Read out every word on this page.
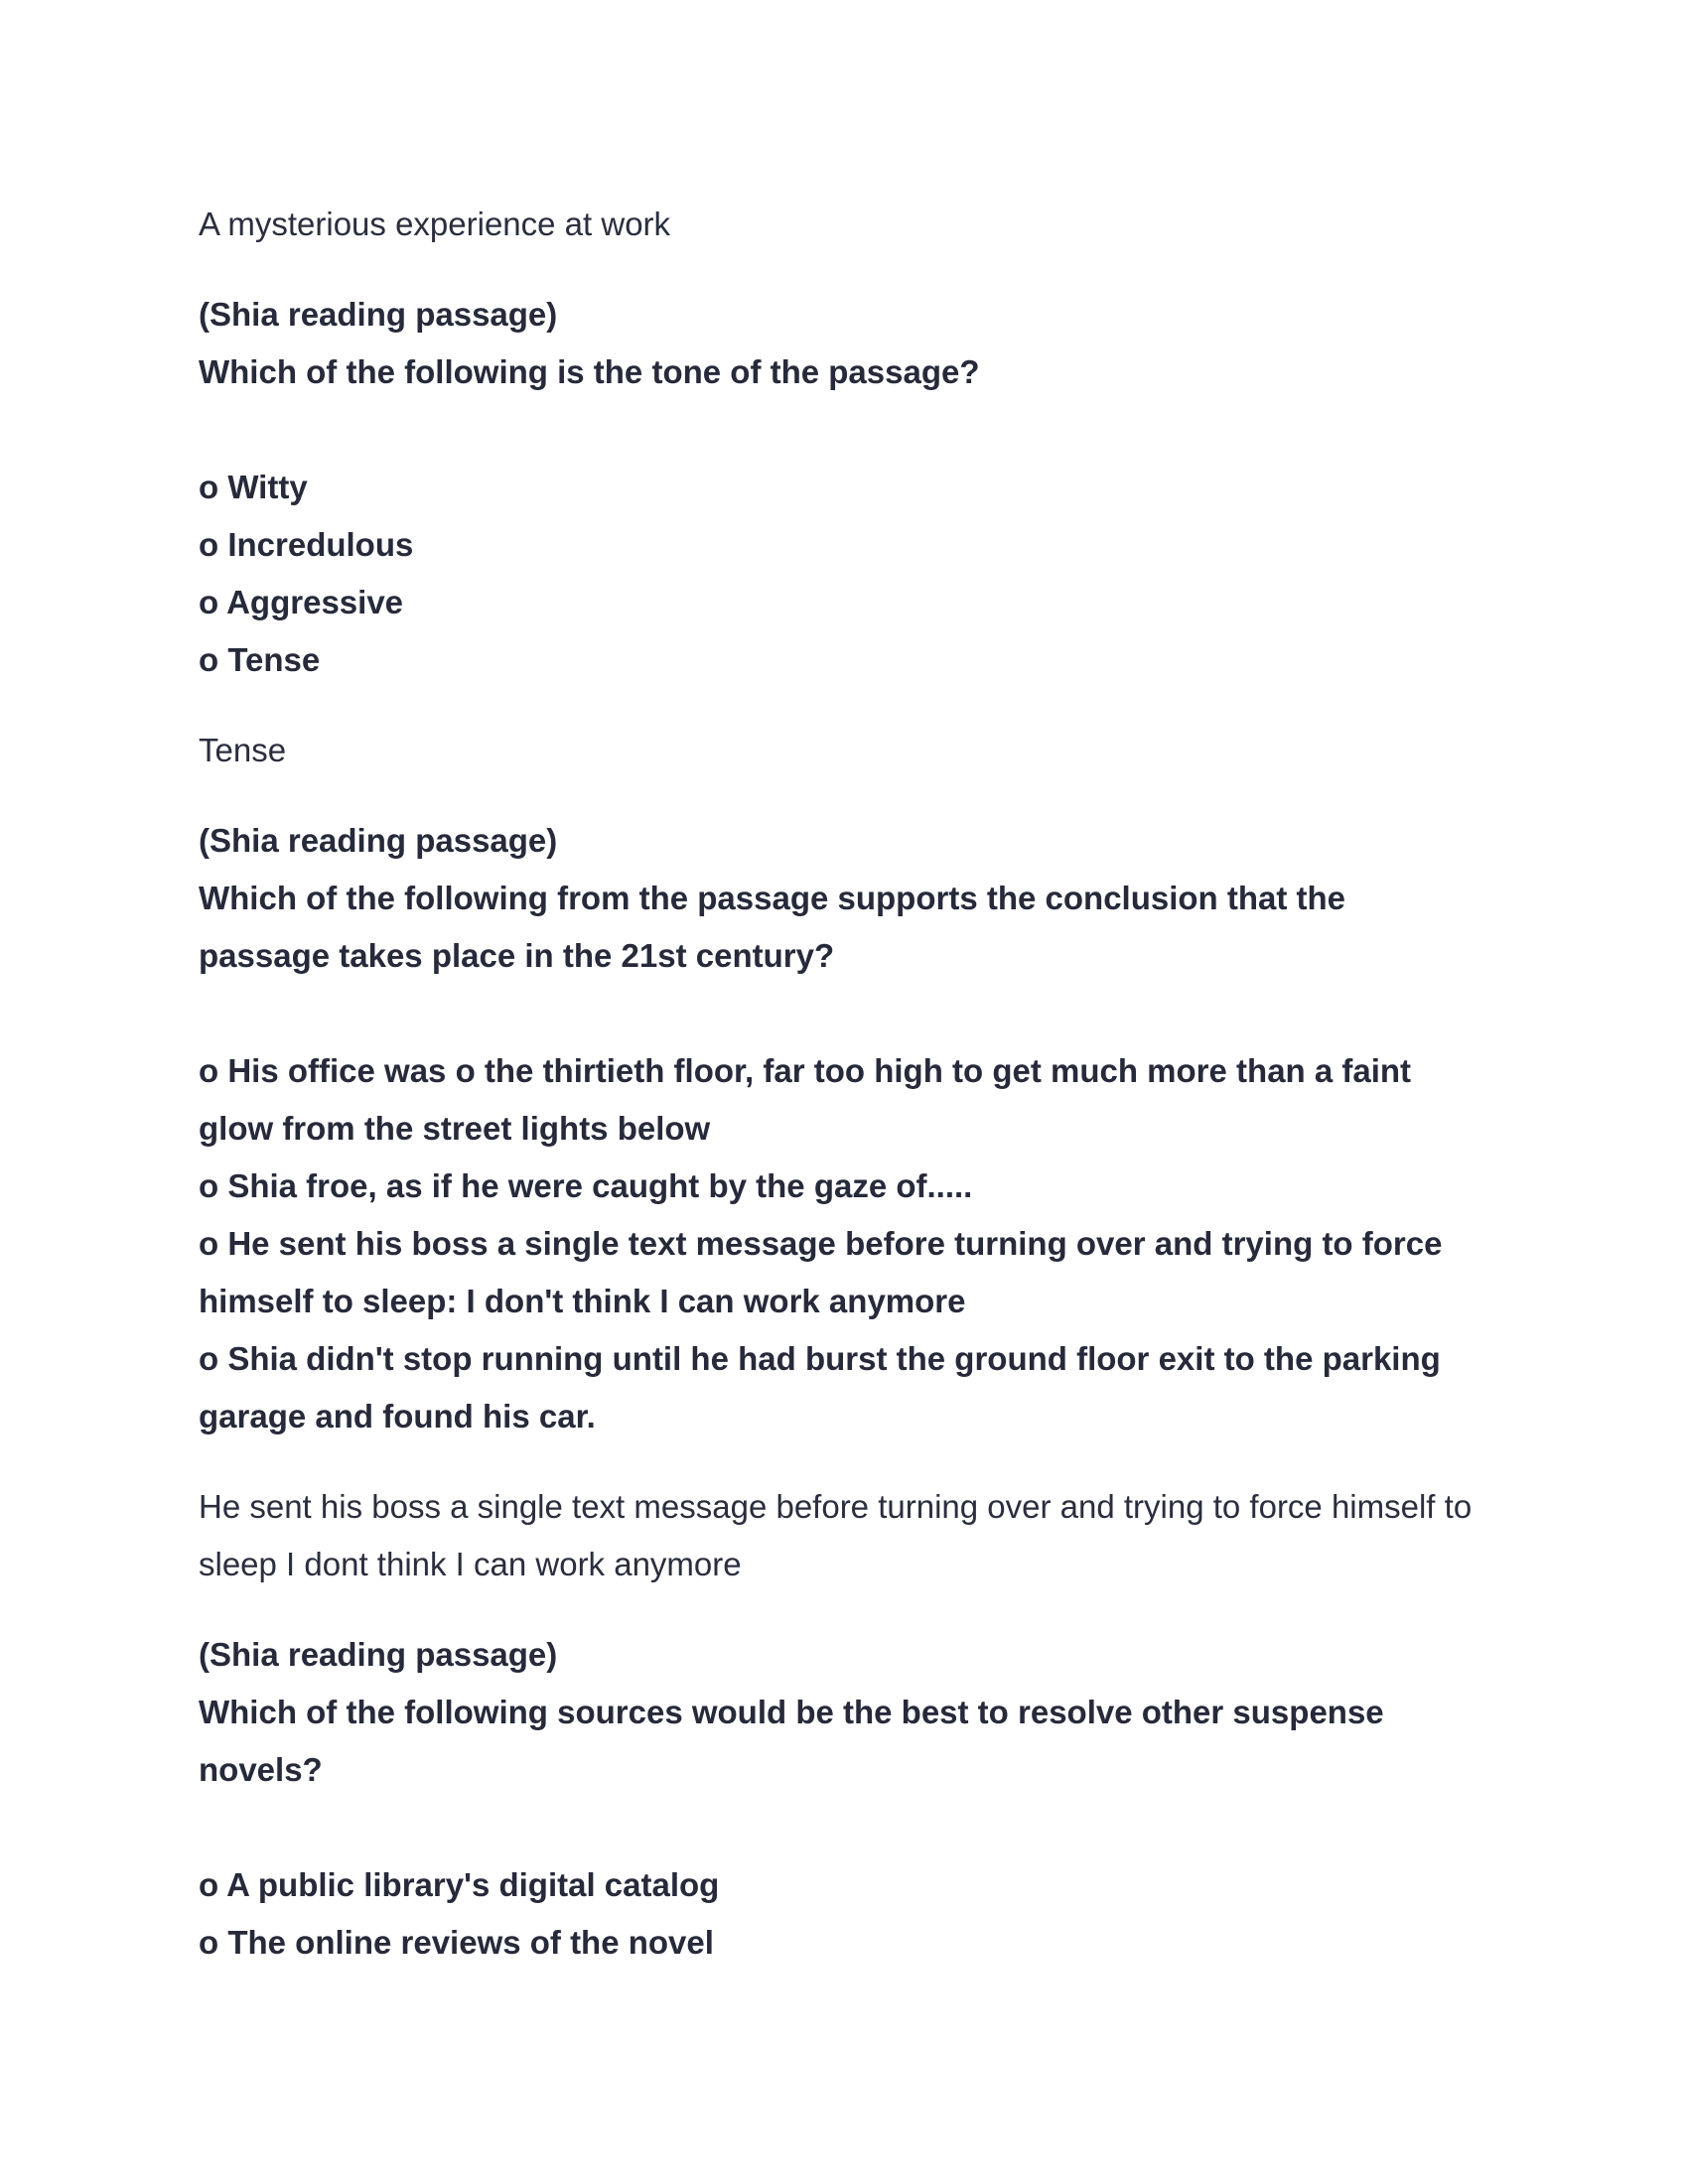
A mysterious experience at work

(Shia reading passage)

Which of the following is the tone of the passage?

o Witty

o Incredulous

o Aggressive

o Tense

Tense

(Shia reading passage)

Which of the following from the passage supports the conclusion that the

passage takes place in the 21st century?

o His office was o the thirtieth floor, far too high to get much more than a faint

glow from the street lights below

o Shia froe, as if he were caught by the gaze of.....

o He sent his boss a single text message before turning over and trying to force

himself to sleep: I don't think I can work anymore

o Shia didn't stop running until he had burst the ground floor exit to the parking

garage and found his car.

He sent his boss a single text message before turning over and trying to force himself to

sleep I dont think I can work anymore

(Shia reading passage)

Which of the following sources would be the best to resolve other suspense

novels?

o A public library's digital catalog

o The online reviews of the novel
